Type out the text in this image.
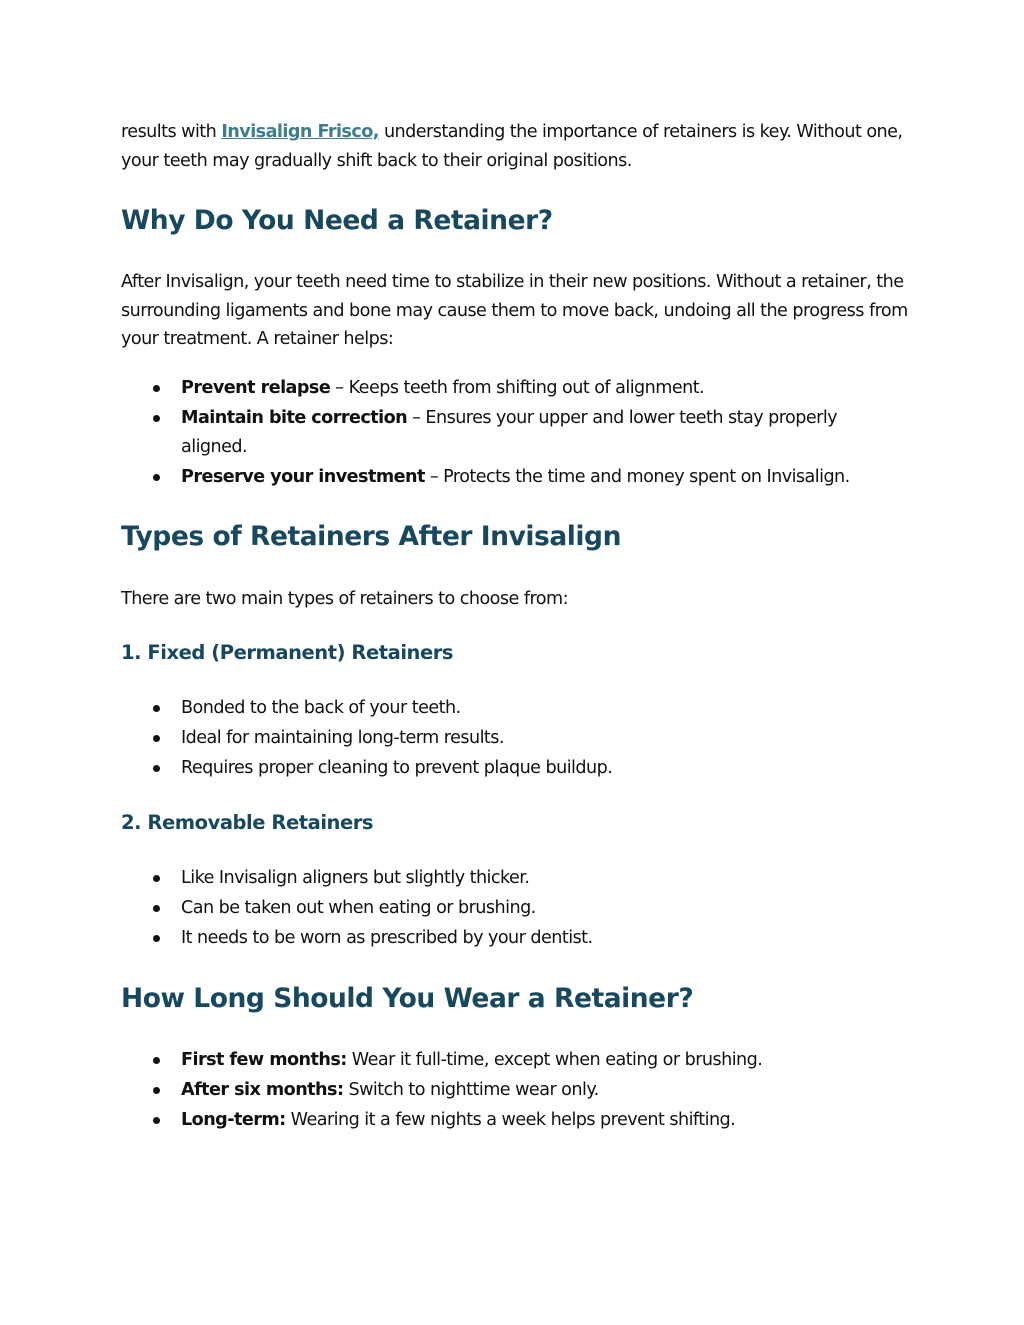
results with Invisalign Frisco, understanding the importance of retainers is key. Without one, your teeth may gradually shift back to their original positions.

Why Do You Need a Retainer?

After Invisalign, your teeth need time to stabilize in their new positions. Without a retainer, the surrounding ligaments and bone may cause them to move back, undoing all the progress from your treatment. A retainer helps:

Prevent relapse – Keeps teeth from shifting out of alignment.
Maintain bite correction – Ensures your upper and lower teeth stay properly aligned.
Preserve your investment – Protects the time and money spent on Invisalign.
Types of Retainers After Invisalign

There are two main types of retainers to choose from:

1. Fixed (Permanent) Retainers
Bonded to the back of your teeth.
Ideal for maintaining long-term results.
Requires proper cleaning to prevent plaque buildup.
2. Removable Retainers
Like Invisalign aligners but slightly thicker.
Can be taken out when eating or brushing.
It needs to be worn as prescribed by your dentist.
How Long Should You Wear a Retainer?
First few months: Wear it full-time, except when eating or brushing.
After six months: Switch to nighttime wear only.
Long-term: Wearing it a few nights a week helps prevent shifting.
